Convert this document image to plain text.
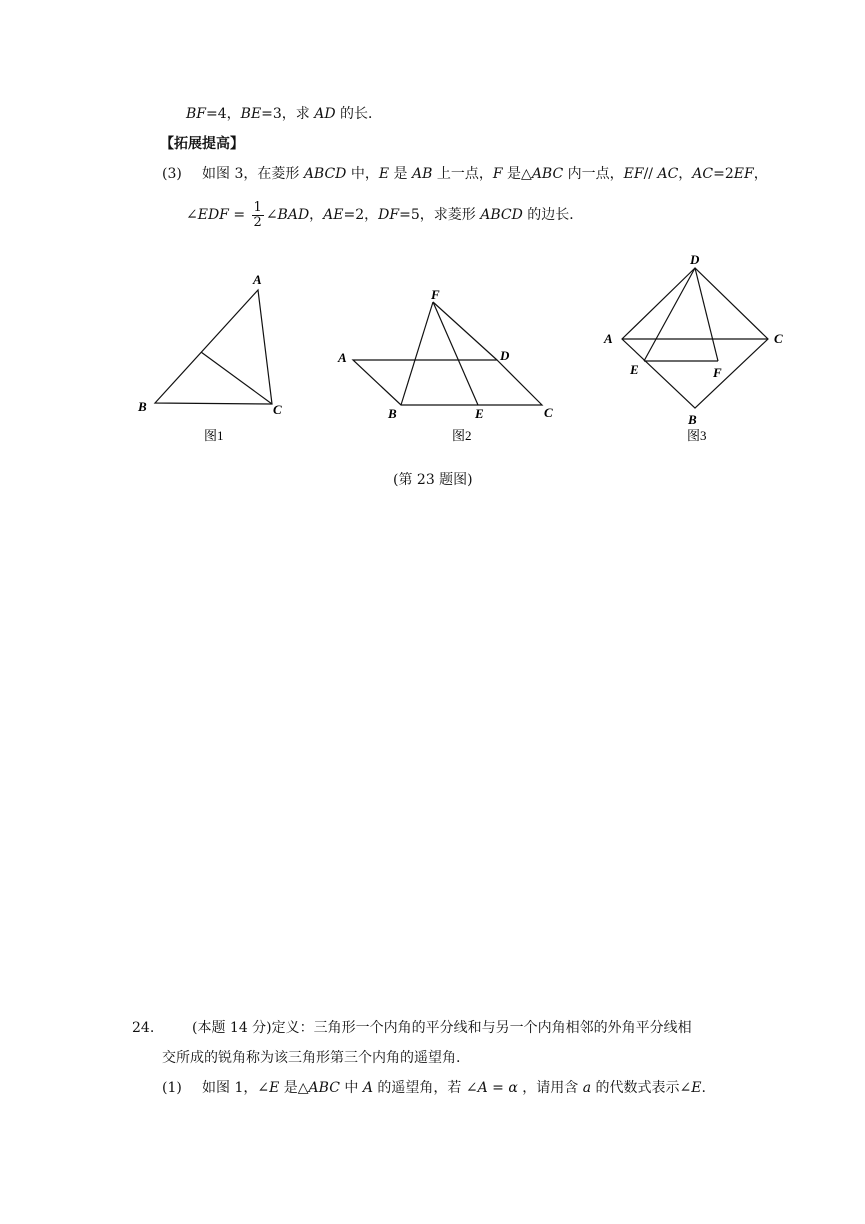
BF=4，BE=3，求 AD 的长．
【拓展提高】
(3) 如图 3，在菱形 ABCD 中，E 是 AB 上一点，F 是△ABC 内一点，EF// AC，AC=2EF，
∠EDF = $\frac{1}{2}$ ∠BAD，AE=2，DF=5，求菱形 ABCD 的边长．
A
B	C
图1
F
A	D
B	E	C
图2
D
A	C
E	F
B
图3
(第 23 题图)
24.	(本题 14 分)定义：三角形一个内角的平分线和与另一个内角相邻的外角平分线相
交所成的锐角称为该三角形第三个内角的遥望角.
(1) 如图 1，∠E 是△ABC 中 A 的遥望角，若 ∠A = α ，请用含 a 的代数式表示∠E.
